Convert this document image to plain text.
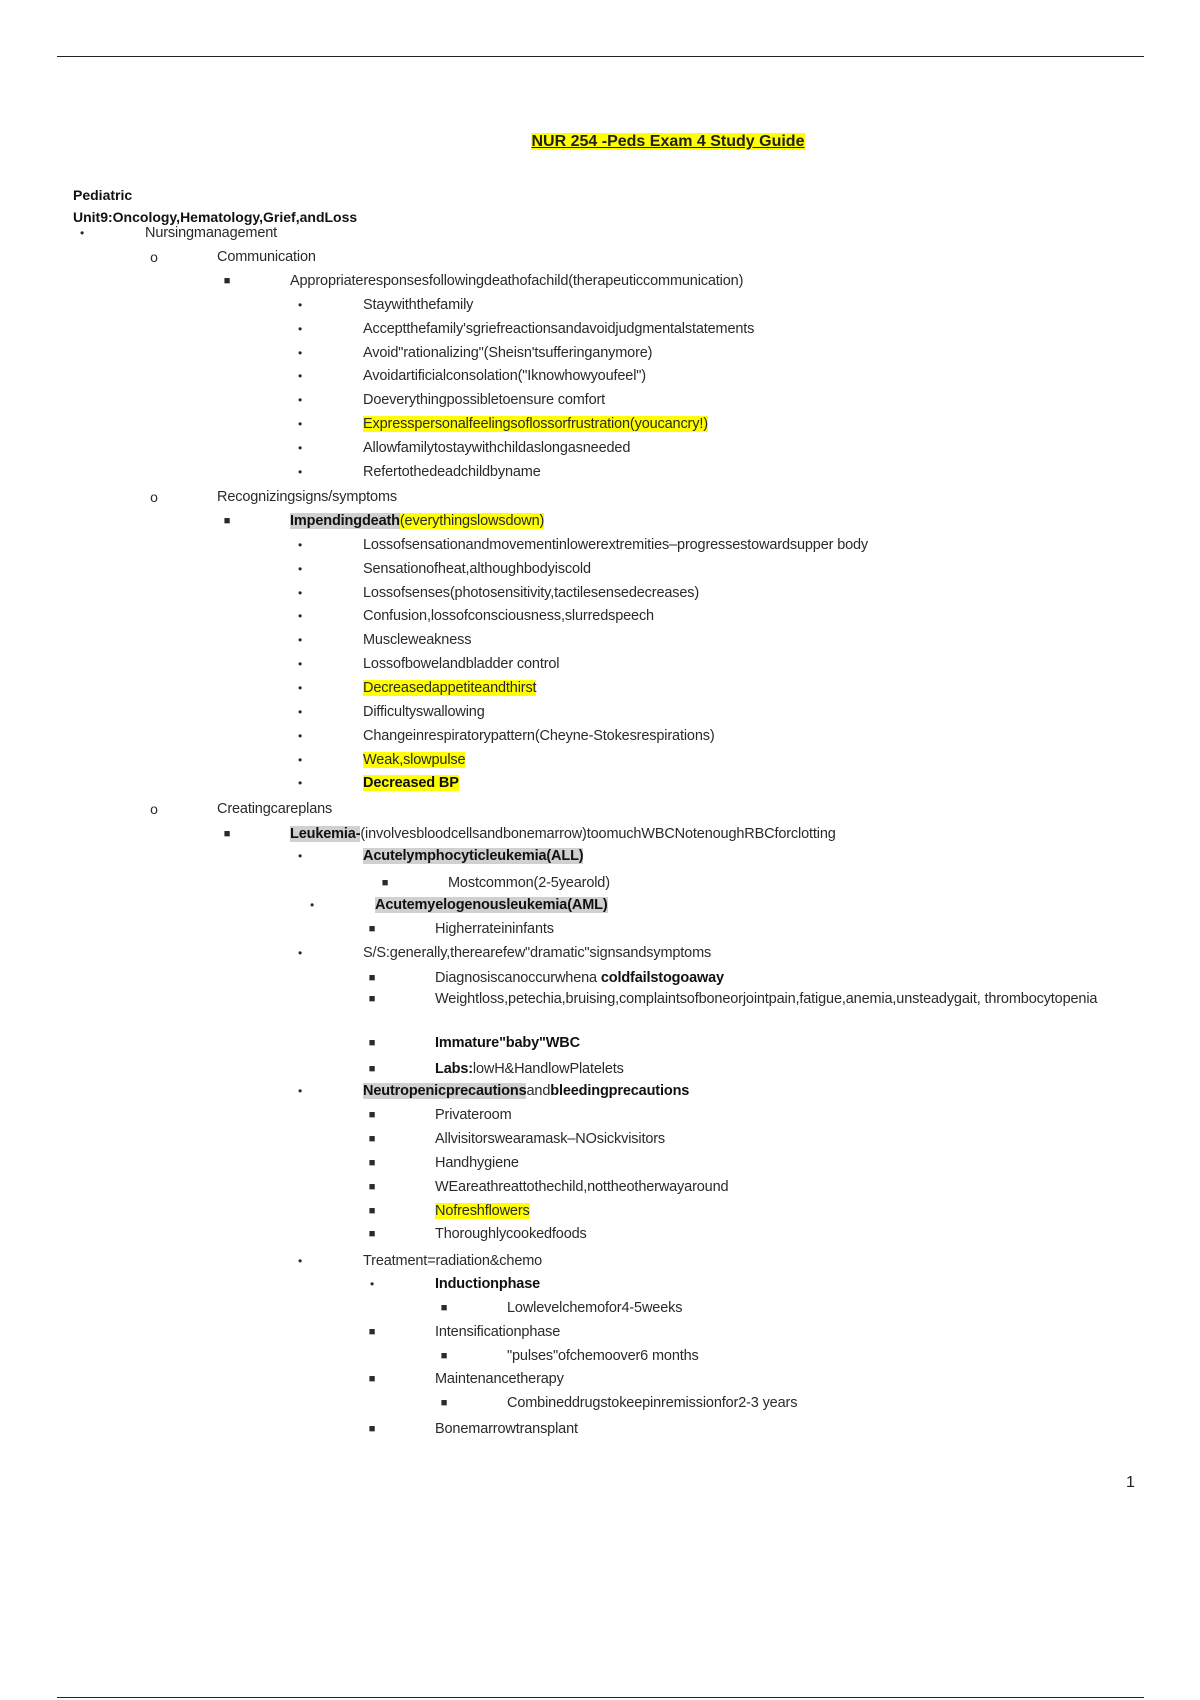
NUR 254 -Peds Exam 4 Study Guide
Pediatric
Unit9:Oncology,Hematology,Grief,andLoss
•	Nursingmanagement
o	Communication
■	Appropriateresponsesfollowingdeathofachild(therapeuticcommunication)
•	Staywiththefamily
•	Acceptthefamily'sgriefreactionsandavoidjudgmentalstatements
•	Avoid"rationalizing"(Sheisn'tsufferinganymore)
•	Avoidartificialconsolation("Iknowhowyoufeel")
•	Doeverythingpossibletoensure comfort
•	Expresspersonalfeelingsoflossorfrustration(youcancry!)
•	Allowfamilytostaywithchildaslongasneeded
•	Refertothedeadchildbyname
o	Recognizingsigns/symptoms
■	Impendingdeath(everythingslowsdown)
•	Lossofsensationandmovementinlowerextremities–progressestowardsupper body
•	Sensationofheat,althoughbodyiscold
•	Lossofsenses(photosensitivity,tactilesensedecreases)
•	Confusion,lossofconsciousness,slurredspeech
•	Muscleweakness
•	Lossofbowelandbladder control
•	Decreasedappetiteandthirst
•	Difficultyswallowing
•	Changeinrespiratorypattern(Cheyne-Stokesrespirations)
•	Weak,slowpulse
•	Decreased BP
o	Creatingcareplans
■	Leukemia-(involvesbloodcellsandbonemarrow)toomuchWBCNotenoughRBCforclotting
•	Acutelymphocyticleukemia(ALL)
■	Mostcommon(2-5yearold)
•	Acutemyelogenousleukemia(AML)
■	Higherrateininfants
•	S/S:generally,therearefew"dramatic"signsandsymptoms
■	Diagnosiscanoccurwhena coldfailstogoaway
■	Weightloss,petechia,bruising,complaintsofboneorjointpain,fatigue,anemia,unsteadygait, thrombocytopenia
■	Immature"baby"WBC
■	Labs:lowH&HandlowPlatelets
•	Neutropenicprecautionsandbleedingprecautions
■	Privateroom
■	Allvisitorswearamask–NOsickvisitors
■	Handhygiene
■	WEareathreattothechild,nottheotherwayaround
■	Nofreshflowers
■	Thoroughlycookedfoods
•	Treatment=radiation&chemo
•	Inductionphase
■	Lowlevelchemofor4-5weeks
■	Intensificationphase
■	"pulses"ofchemoover6 months
■	Maintenancetherapy
■	Combineddrugstokeepinremissionfor2-3 years
■	Bonemarrowtransplant
1
